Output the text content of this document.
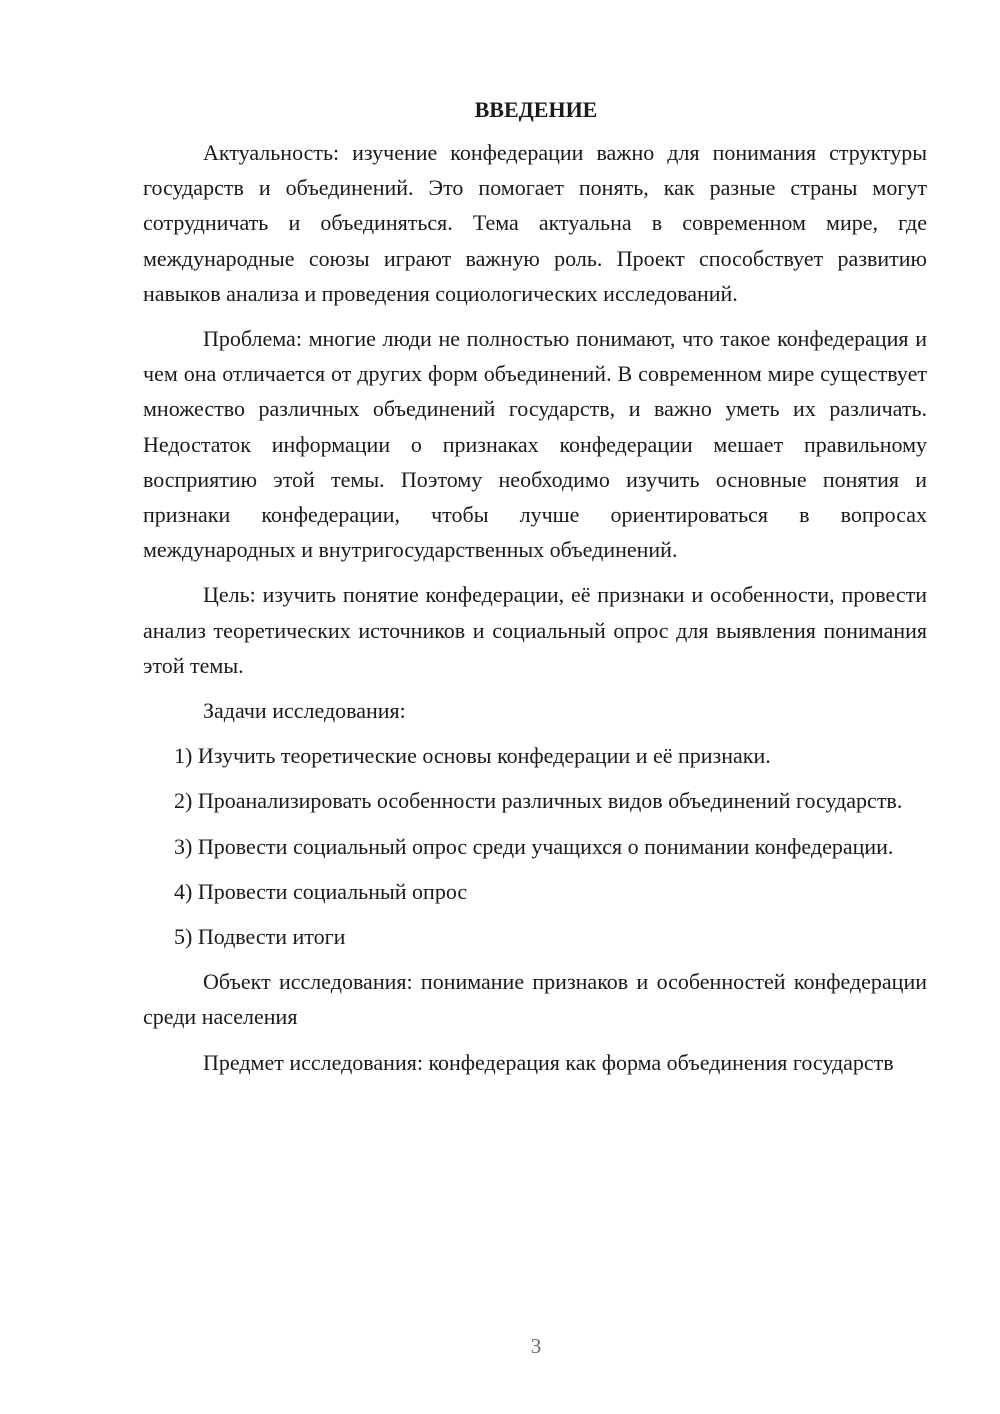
ВВЕДЕНИЕ

Актуальность: изучение конфедерации важно для понимания структуры государств и объединений. Это помогает понять, как разные страны могут сотрудничать и объединяться. Тема актуальна в современном мире, где международные союзы играют важную роль. Проект способствует развитию навыков анализа и проведения социологических исследований.

Проблема: многие люди не полностью понимают, что такое конфедерация и чем она отличается от других форм объединений. В современном мире существует множество различных объединений государств, и важно уметь их различать. Недостаток информации о признаках конфедерации мешает правильному восприятию этой темы. Поэтому необходимо изучить основные понятия и признаки конфедерации, чтобы лучше ориентироваться в вопросах международных и внутригосударственных объединений.

Цель: изучить понятие конфедерации, её признаки и особенности, провести анализ теоретических источников и социальный опрос для выявления понимания этой темы.

Задачи исследования:

1) Изучить теоретические основы конфедерации и её признаки.

2) Проанализировать особенности различных видов объединений государств.

3) Провести социальный опрос среди учащихся о понимании конфедерации.

4) Провести социальный опрос

5) Подвести итоги

Объект исследования: понимание признаков и особенностей конфедерации среди населения

Предмет исследования: конфедерация как форма объединения государств

3
